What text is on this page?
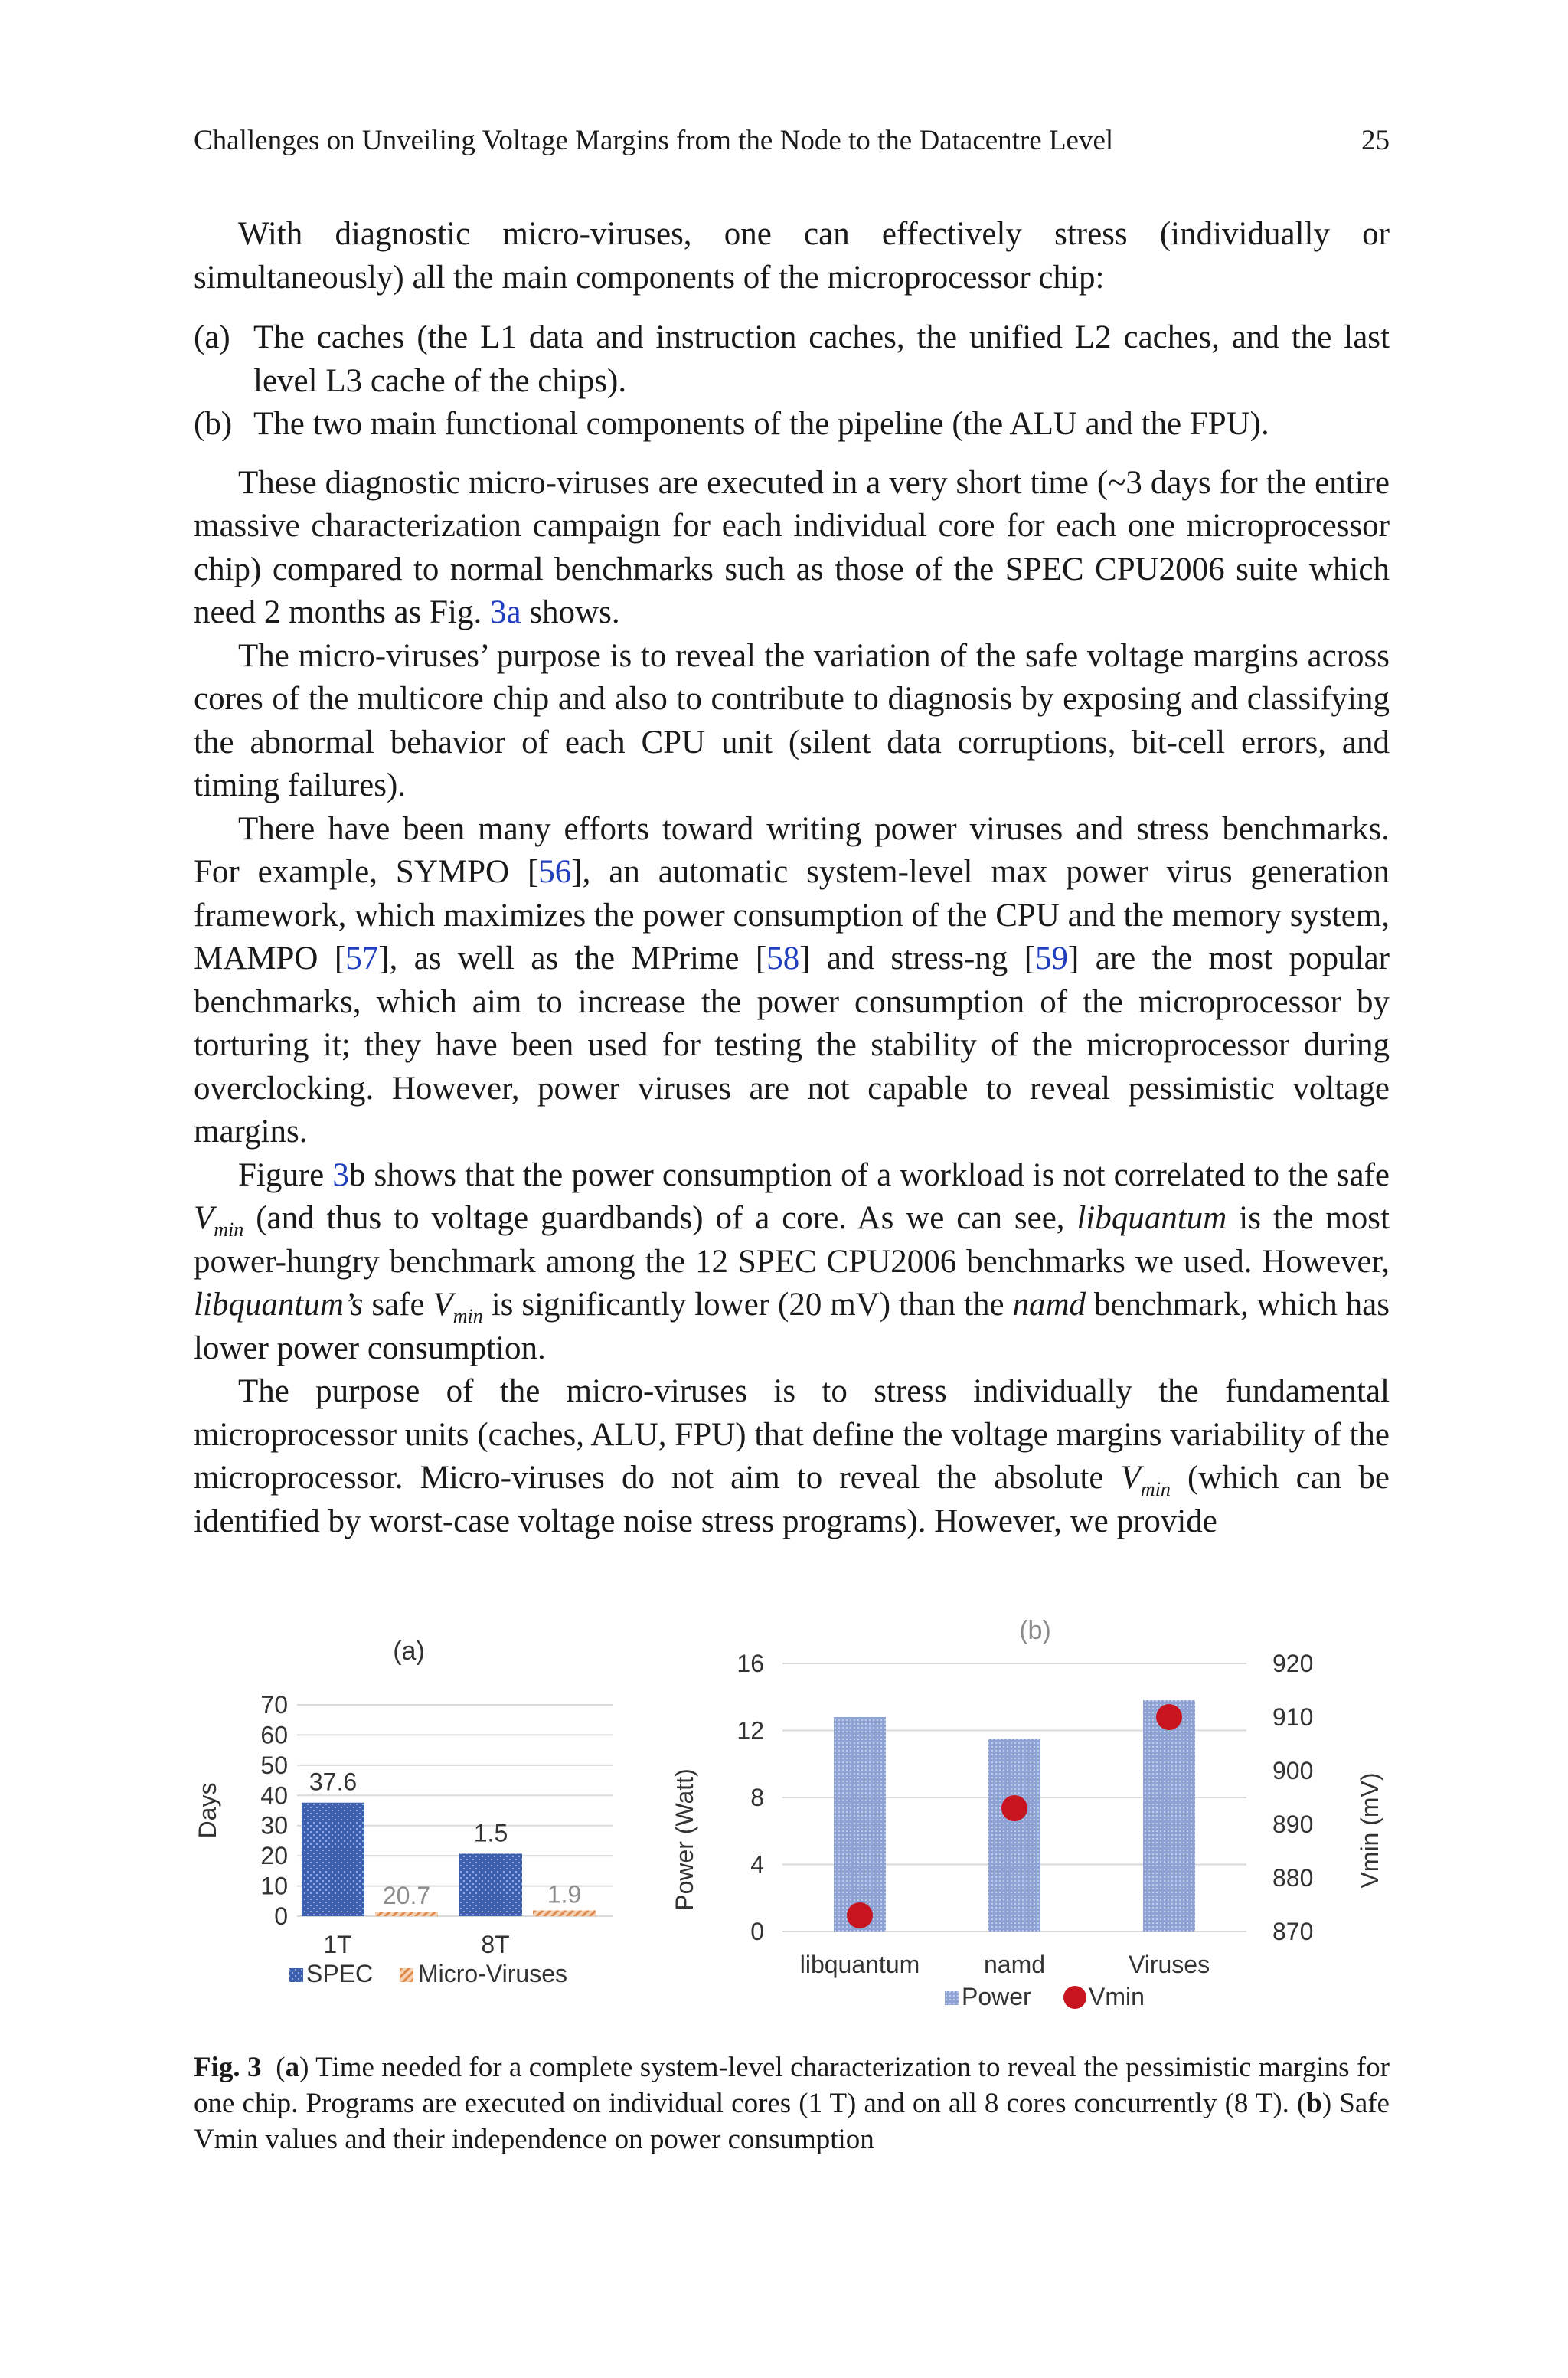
Challenges on Unveiling Voltage Margins from the Node to the Datacentre Level	25

With diagnostic micro-viruses, one can effectively stress (individually or simultaneously) all the main components of the microprocessor chip:

(a) The caches (the L1 data and instruction caches, the unified L2 caches, and the last level L3 cache of the chips).
(b) The two main functional components of the pipeline (the ALU and the FPU).

These diagnostic micro-viruses are executed in a very short time (~3 days for the entire massive characterization campaign for each individual core for each one microprocessor chip) compared to normal benchmarks such as those of the SPEC CPU2006 suite which need 2 months as Fig. 3a shows.

The micro-viruses’ purpose is to reveal the variation of the safe voltage margins across cores of the multicore chip and also to contribute to diagnosis by exposing and classifying the abnormal behavior of each CPU unit (silent data corruptions, bit-cell errors, and timing failures).

There have been many efforts toward writing power viruses and stress benchmarks. For example, SYMPO [56], an automatic system-level max power virus generation framework, which maximizes the power consumption of the CPU and the memory system, MAMPO [57], as well as the MPrime [58] and stress-ng [59] are the most popular benchmarks, which aim to increase the power consumption of the microprocessor by torturing it; they have been used for testing the stability of the microprocessor during overclocking. However, power viruses are not capable to reveal pessimistic voltage margins.

Figure 3b shows that the power consumption of a workload is not correlated to the safe $V_{min}$ (and thus to voltage guardbands) of a core. As we can see, libquantum is the most power-hungry benchmark among the 12 SPEC CPU2006 benchmarks we used. However, libquantum’s safe $V_{min}$ is significantly lower (20 mV) than the namd benchmark, which has lower power consumption.

The purpose of the micro-viruses is to stress individually the fundamental microprocessor units (caches, ALU, FPU) that define the voltage margins variability of the microprocessor. Micro-viruses do not aim to reveal the absolute $V_{min}$ (which can be identified by worst-case voltage noise stress programs). However, we provide

0
10
20
30
40
50
60
70
(a)
Days
37.6
20.7
1T
1.5
1.9
8T
SPEC Micro-Viruses
0
4
8
12
16
870
880
890
900
910
920
(b)
Power (Watt)	Vmin (mV)
libquantum	namd	Viruses
Power Vmin
Fig. 3  (a) Time needed for a complete system-level characterization to reveal the pessimistic margins for one chip. Programs are executed on individual cores (1 T) and on all 8 cores concurrently (8 T). (b) Safe Vmin values and their independence on power consumption
